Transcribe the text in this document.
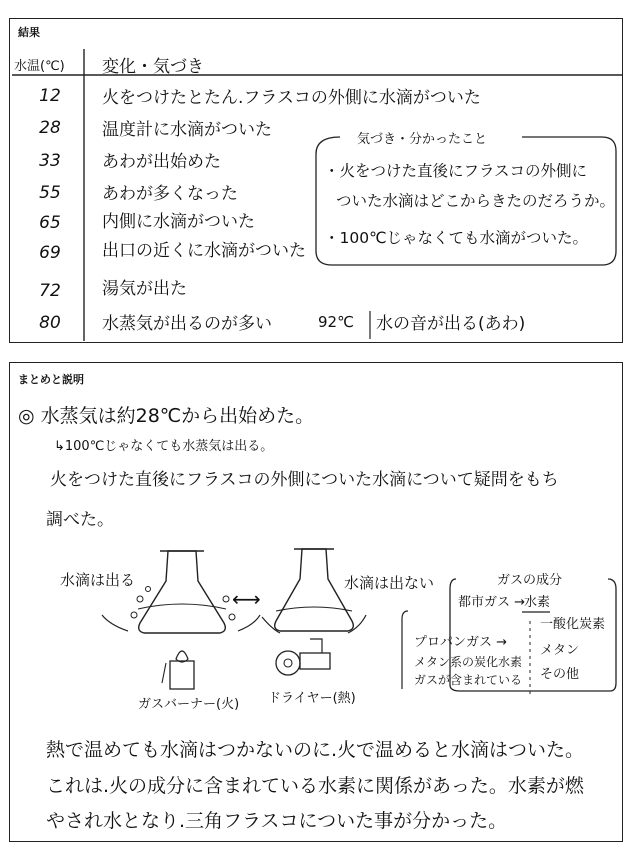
結果
水温(℃) 変化・気づき
12	火をつけたとたん.フラスコの外側に水滴がついた
28	温度計に水滴がついた
33	あわが出始めた
55	あわが多くなった
65	内側に水滴がついた
69	出口の近くに水滴がついた
72	湯気が出た
80	水蒸気が出るのが多い	92℃ 水の音が出る(あわ)
気づき・分かったこと
・火をつけた直後にフラスコの外側に
ついた水滴はどこからきたのだろうか。
・100℃じゃなくても水滴がついた。
まとめと説明
◎ 水蒸気は約28℃から出始めた。
↳100℃じゃなくても水蒸気は出る。
火をつけた直後にフラスコの外側についた水滴について疑問をもち
調べた。
水滴は出る	水滴は出ない
⟷
ガスの成分
都市ガス →
水素
一酸化炭素
メタン
その他
プロパンガス →
メタン系の炭化水素
ガスが含まれている
ガスバーナー(火) ドライヤー(熱)
熱で温めても水滴はつかないのに.火で温めると水滴はついた。
これは.火の成分に含まれている水素に関係があった。水素が燃
やされ水となり.三角フラスコについた事が分かった。
